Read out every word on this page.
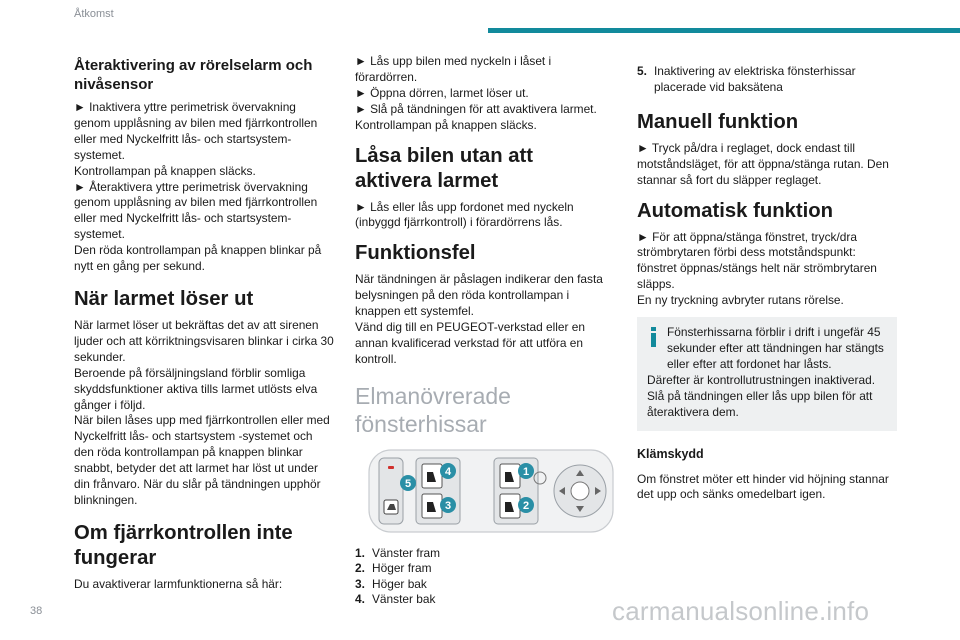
Åtkomst
Återaktivering av rörelselarm och nivåsensor

► Inaktivera yttre perimetrisk övervakning genom upplåsning av bilen med fjärrkontrollen eller med Nyckelfritt lås- och startsystem-systemet.

Kontrollampan på knappen släcks.

► Återaktivera yttre perimetrisk övervakning genom upplåsning av bilen med fjärrkontrollen eller med Nyckelfritt lås- och startsystem-systemet.

Den röda kontrollampan på knappen blinkar på nytt en gång per sekund.

När larmet löser ut

När larmet löser ut bekräftas det av att sirenen ljuder och att körriktningsvisaren blinkar i cirka 30 sekunder.

Beroende på försäljningsland förblir somliga skyddsfunktioner aktiva tills larmet utlösts elva gånger i följd.

När bilen låses upp med fjärrkontrollen eller med Nyckelfritt lås- och startsystem -systemet och den röda kontrollampan på knappen blinkar snabbt, betyder det att larmet har löst ut under din frånvaro. När du slår på tändningen upphör blinkningen.

Om fjärrkontrollen inte fungerar

Du avaktiverar larmfunktionerna så här:

► Lås upp bilen med nyckeln i låset i förardörren.

► Öppna dörren, larmet löser ut.

► Slå på tändningen för att avaktivera larmet.

Kontrollampan på knappen släcks.

Låsa bilen utan att aktivera larmet

► Lås eller lås upp fordonet med nyckeln (inbyggd fjärrkontroll) i förardörrens lås.

Funktionsfel

När tändningen är påslagen indikerar den fasta belysningen på den röda kontrollampan i knappen ett systemfel.

Vänd dig till en PEUGEOT-verkstad eller en annan kvalificerad verkstad för att utföra en kontroll.

Elmanövrerade fönsterhissar
1
2
3
4
5

1. Vänster fram

2. Höger fram

3. Höger bak

4. Vänster bak

5. Inaktivering av elektriska fönsterhissar placerade vid baksätena

Manuell funktion

► Tryck på/dra i reglaget, dock endast till motståndsläget, för att öppna/stänga rutan. Den stannar så fort du släpper reglaget.

Automatisk funktion

► För att öppna/stänga fönstret, tryck/dra strömbrytaren förbi dess motståndspunkt: fönstret öppnas/stängs helt när strömbrytaren släpps.

En ny tryckning avbryter rutans rörelse.

Fönsterhissarna förblir i drift i ungefär 45 sekunder efter att tändningen har stängts eller efter att fordonet har låsts.

Därefter är kontrollutrustningen inaktiverad. Slå på tändningen eller lås upp bilen för att återaktivera dem.

Klämskydd

Om fönstret möter ett hinder vid höjning stannar det upp och sänks omedelbart igen.

38	carmanualsonline.info
